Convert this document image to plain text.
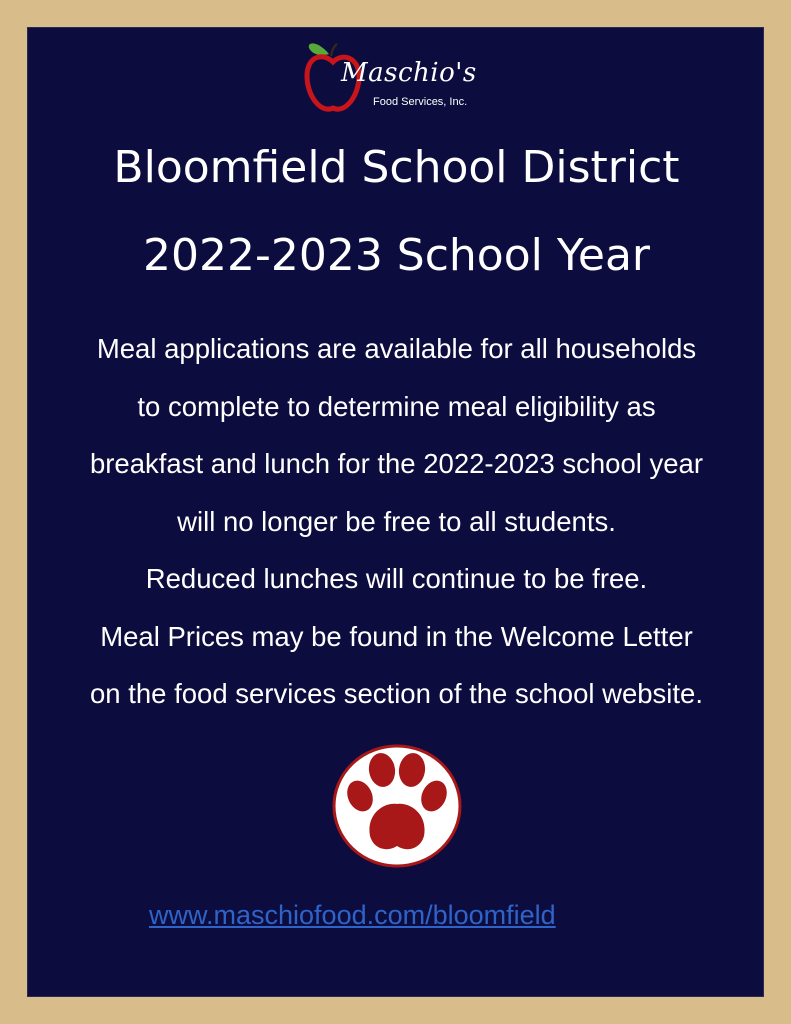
Maschio's
Food Services, Inc.
Bloomfield School District
2022-2023 School Year
Meal applications are available for all households
to complete to determine meal eligibility as
breakfast and lunch for the 2022-2023 school year
will no longer be free to all students.
Reduced lunches will continue to be free.
Meal Prices may be found in the Welcome Letter
on the food services section of the school website.
www.maschiofood.com/bloomfield
